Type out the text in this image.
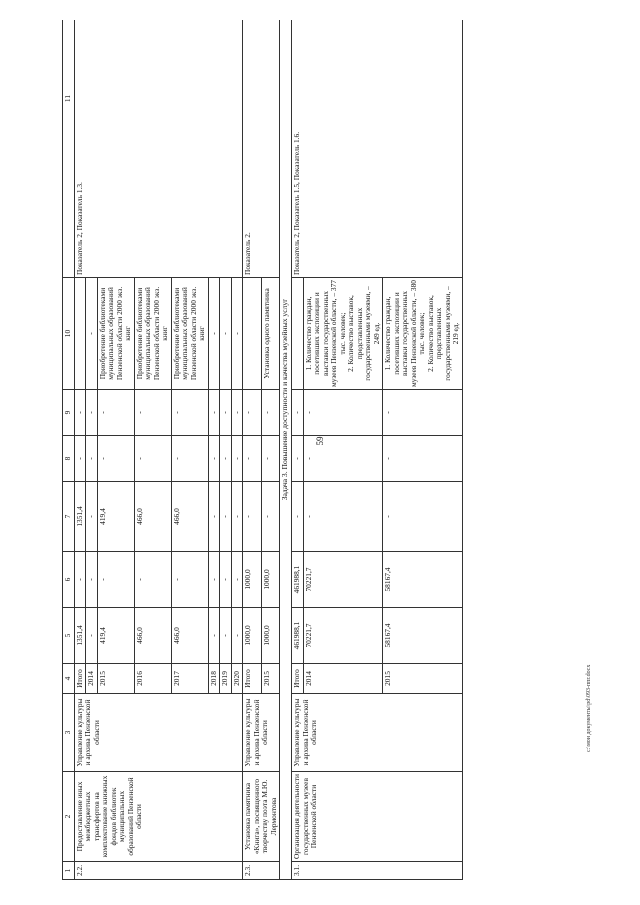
59
c:\мои документы\pd\093-ппг.docx
1	2	3	4	5	6	7	8	9	10	11
2.2.	Предоставление иных межбюджетных трансфертов на комплектование книжных фондов библиотек муниципальных образований Пензенской области	Управление культуры и архива Пензенской области	Итого	1351,4	-	1351,4	-	-		Показатель 2, Показатель 1.3.
			2014	-	-	-	-	-	-	
			2015	419,4	-	419,4	-	-	Приобретение библиотеками муниципальных образований Пензенской области 2000 экз. книг	
			2016	466,0	-	466,0	-	-	Приобретение библиотеками муниципальных образований Пензенской области 2000 экз. книг	
			2017	466,0	-	466,0	-	-	Приобретение библиотеками муниципальных образований Пензенской области 2000 экз. книг	
			2018	-	-	-	-	-	-	
			2019	-	-	-	-	-	-	
			2020	-	-	-	-	-	-	
2.3.	Установка памятника «Книга», посвященного творчеству поэта М.Ю. Лермонтова	Управление культуры и архива Пензенской области	Итого	1000,0	1000,0	-	-	-		Показатель 2.
			2015	1000,0	1000,0	-	-	-	Установка одного памятника	
Задача 3. Повышение доступности и качества музейных услуг										
3.1.	Организация деятельности государственных музеев Пензенской области	Управление культуры и архива Пензенской области	Итого	461988,1	461988,1	-	-	-		Показатель 2, Показатель 1.5, Показатель 1.6.
			2014	70221,7	70221,7	-	-	-	1. Количество граждан, посетивших экспозиции и выставки государственных музеев Пензенской области, – 377 тыс. человек;
2. Количество выставок, представленных государственными музеями, – 249 ед.	
			2015	58167,4	58167,4	-	-	-	1. Количество граждан, посетивших экспозиции и выставки государственных музеев Пензенской области, – 380 тыс. человек;
2. Количество выставок, представленных государственными музеями, – 219 ед.	
